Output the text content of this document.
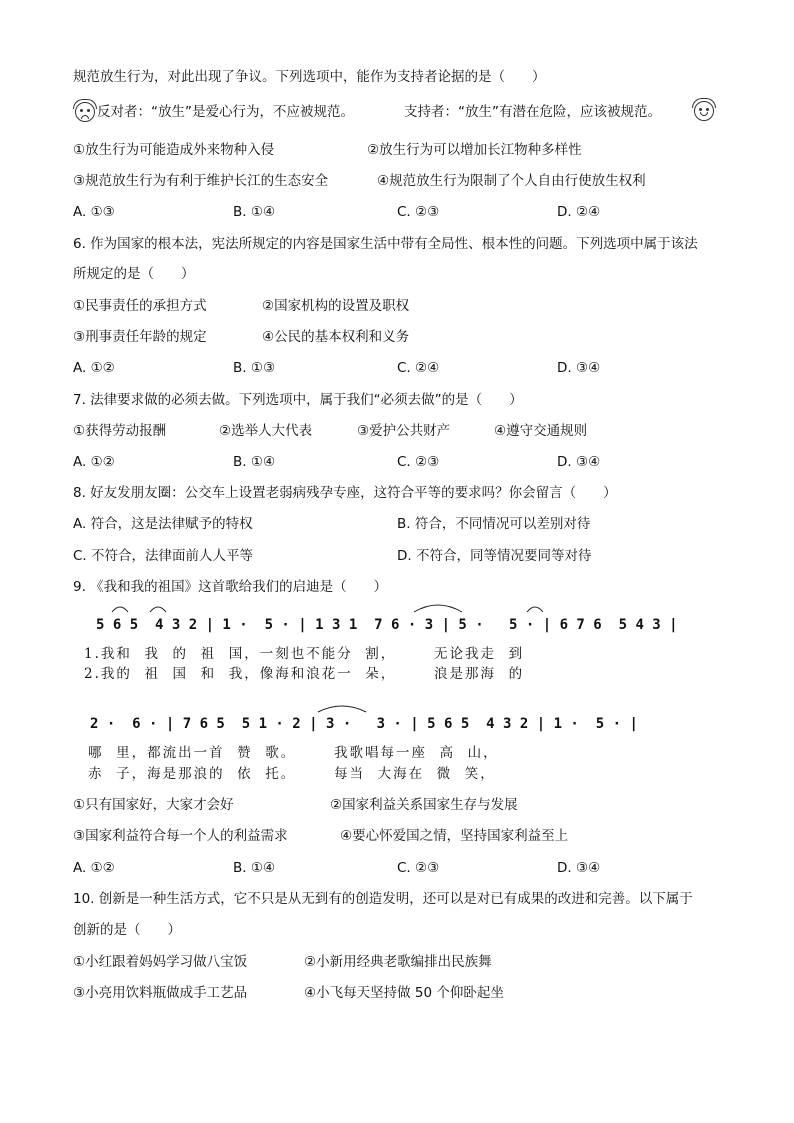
规范放生行为，对此出现了争议。下列选项中，能作为支持者论据的是（　　）
反对者：“放生”是爱心行为，不应被规范。	支持者：“放生”有潜在危险，应该被规范。
①放生行为可能造成外来物种入侵	②放生行为可以增加长江物种多样性
③规范放生行为有利于维护长江的生态安全	④规范放生行为限制了个人自由行使放生权利
A. ①③	B. ①④	C. ②③	D. ②④
6. 作为国家的根本法，宪法所规定的内容是国家生活中带有全局性、根本性的问题。下列选项中属于该法
所规定的是（　　）
①民事责任的承担方式	②国家机构的设置及职权
③刑事责任年龄的规定	④公民的基本权利和义务
A. ①②	B. ①③	C. ②④	D. ③④
7. 法律要求做的必须去做。下列选项中，属于我们“必须去做”的是（　　）
①获得劳动报酬	②选举人大代表	③爱护公共财产	④遵守交通规则
A. ①②	B. ①④	C. ②③	D. ③④
8. 好友发朋友圈：公交车上设置老弱病残孕专座，这符合平等的要求吗？你会留言（　　）
A. 符合，这是法律赋予的特权	B. 符合，不同情况可以差别对待
C. 不符合，法律面前人人平等	D. 不符合，同等情况要同等对待
9. 《我和我的祖国》这首歌给我们的启迪是（　　）
5 6 5  4 3 2 | 1 ·  5 · | 1 3 1  7 6 · 3 | 5 ·   5 · | 6 7 6  5 4 3 |
1.我和  我  的  祖  国，一刻也不能分  割，      无论我走  到
2.我的  祖  国  和  我，像海和浪花一  朵，      浪是那海  的
2 ·  6 · | 7 6 5  5 1 · 2 | 3 ·   3 · | 5 6 5  4 3 2 | 1 ·  5 · |
哪  里，都流出一首  赞  歌。      我歌唱每一座  高  山，
赤  子，海是那浪的  依  托。      每当  大海在  微  笑，
①只有国家好，大家才会好	②国家利益关系国家生存与发展
③国家利益符合每一个人的利益需求	④要心怀爱国之情，坚持国家利益至上
A. ①②	B. ①④	C. ②③	D. ③④
10. 创新是一种生活方式，它不只是从无到有的创造发明，还可以是对已有成果的改进和完善。以下属于
创新的是（　　）
①小红跟着妈妈学习做八宝饭	②小新用经典老歌编排出民族舞
③小亮用饮料瓶做成手工艺品	④小飞每天坚持做 50 个仰卧起坐
